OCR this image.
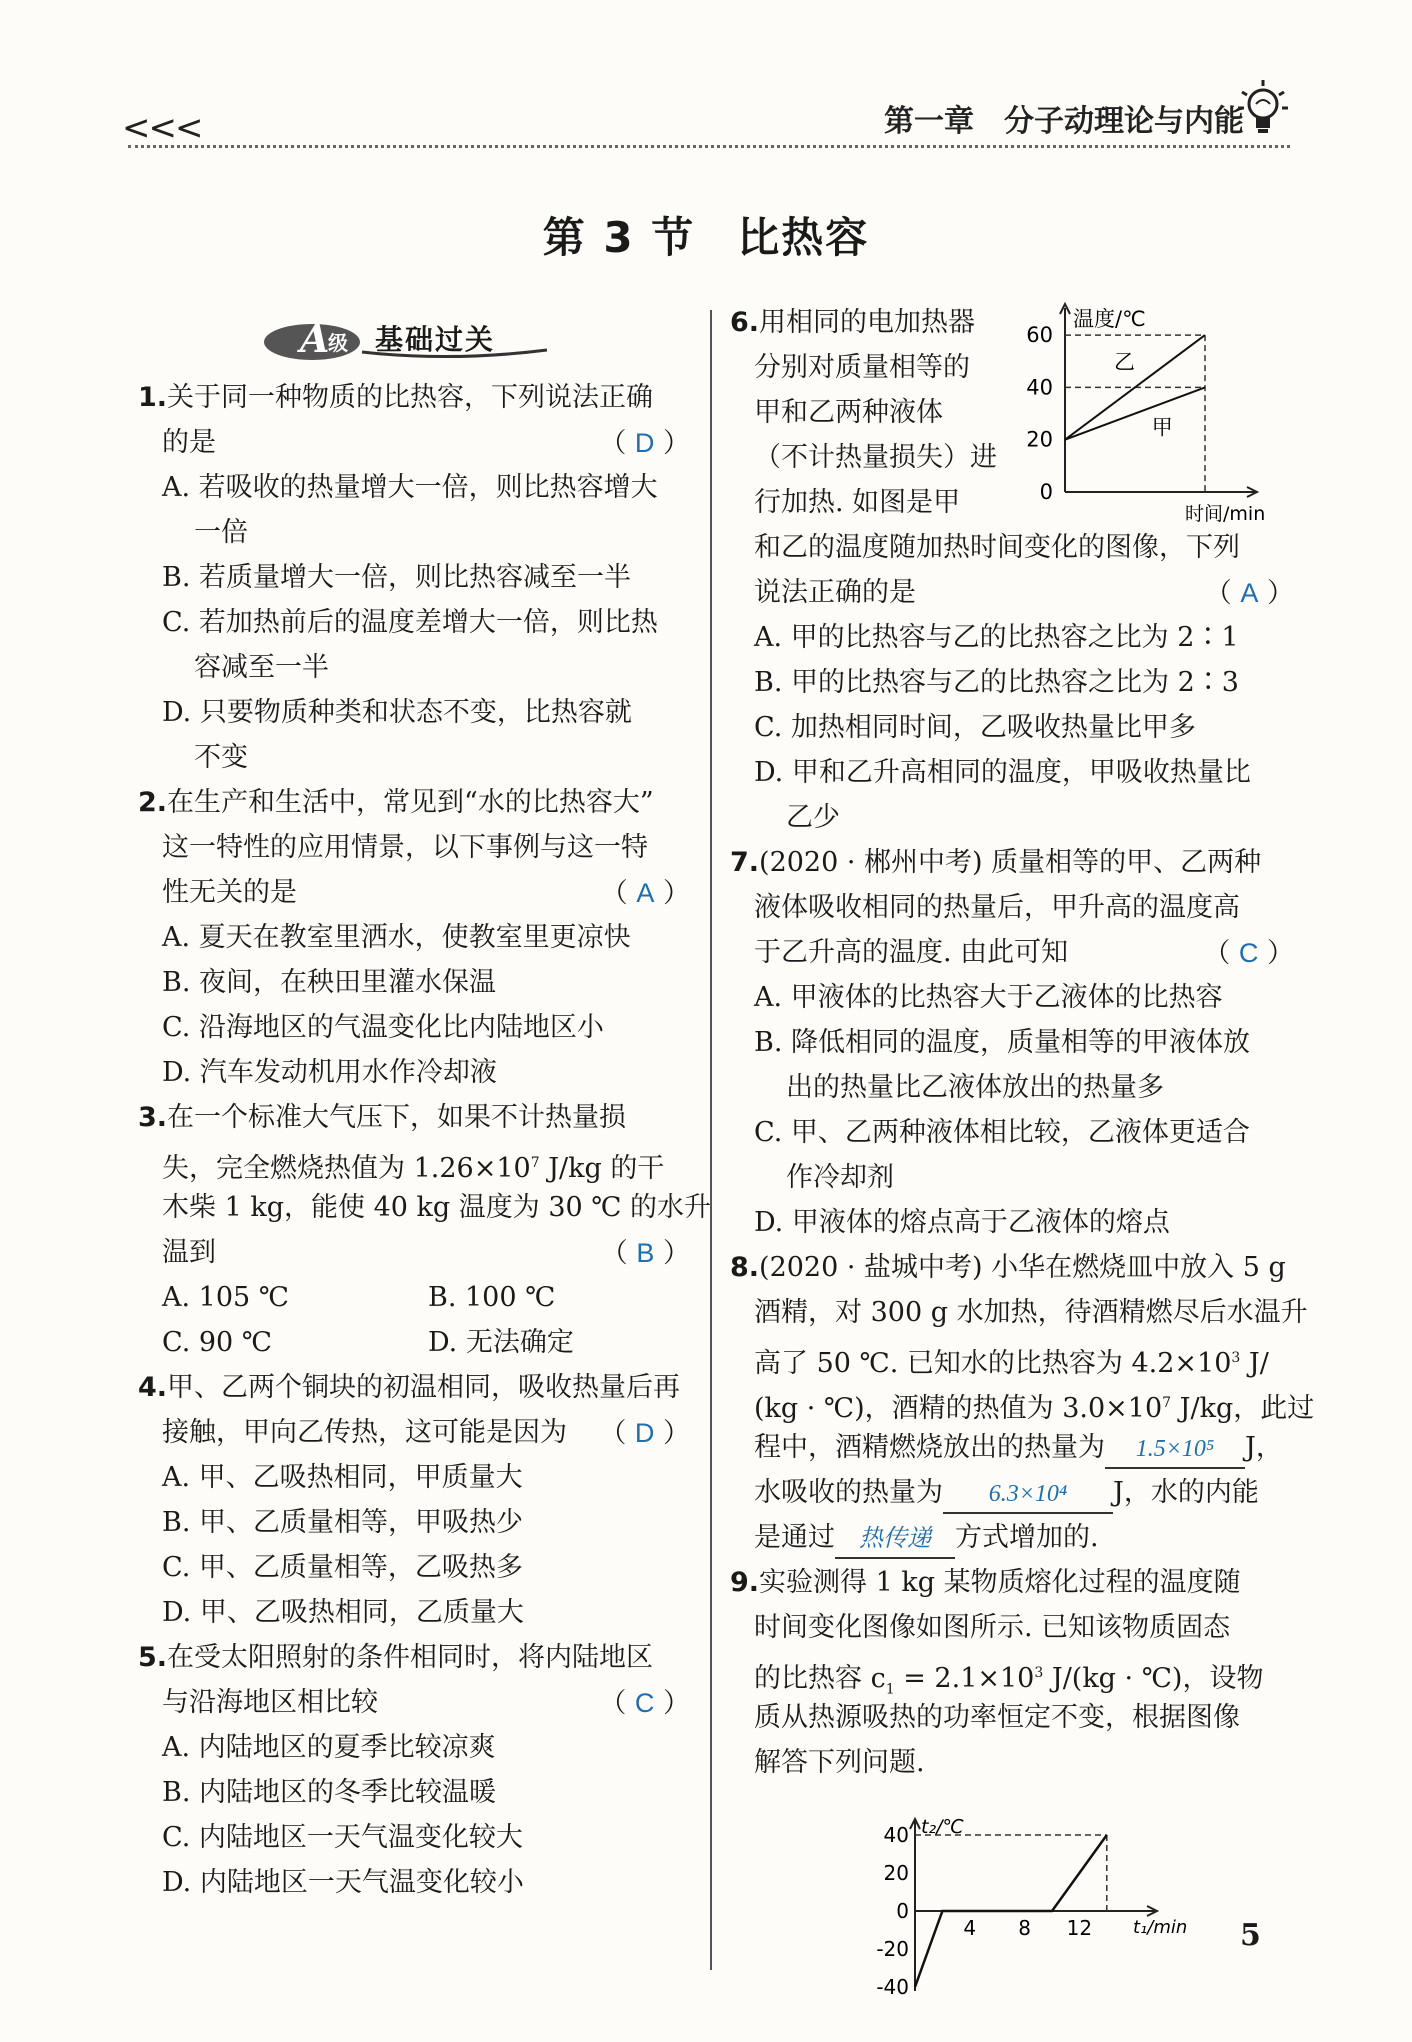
<<<	第一章　分子动理论与内能
第 3 节 比热容
A
级 基础过关
1.关于同一种物质的比热容，下列说法正确
的是	（ D ）
A. 若吸收的热量增大一倍，则比热容增大
一倍
B. 若质量增大一倍，则比热容减至一半
C. 若加热前后的温度差增大一倍，则比热
容减至一半
D. 只要物质种类和状态不变，比热容就
不变
2.在生产和生活中，常见到“水的比热容大”
这一特性的应用情景，以下事例与这一特
性无关的是	（ A ）
A. 夏天在教室里洒水，使教室里更凉快
B. 夜间，在秧田里灌水保温
C. 沿海地区的气温变化比内陆地区小
D. 汽车发动机用水作冷却液
3.在一个标准大气压下，如果不计热量损
失，完全燃烧热值为 $1.26\times 10^7$ J/kg 的干
木柴 1 kg，能使 40 kg 温度为 30 ℃ 的水升
温到	（ B ）
A. 105 ℃	B. 100 ℃
C. 90 ℃	D. 无法确定
4.甲、乙两个铜块的初温相同，吸收热量后再
接触，甲向乙传热，这可能是因为 （ D ）
A. 甲、乙吸热相同，甲质量大
B. 甲、乙质量相等，甲吸热少
C. 甲、乙质量相等，乙吸热多
D. 甲、乙吸热相同，乙质量大
5.在受太阳照射的条件相同时，将内陆地区
与沿海地区相比较	（ C ）
A. 内陆地区的夏季比较凉爽
B. 内陆地区的冬季比较温暖
C. 内陆地区一天气温变化较大
D. 内陆地区一天气温变化较小
6.用相同的电加热器
分别对质量相等的
甲和乙两种液体
（不计热量损失）进
行加热. 如图是甲
和乙的温度随加热时间变化的图像，下列
说法正确的是	（ A ）
A. 甲的比热容与乙的比热容之比为 2∶1
B. 甲的比热容与乙的比热容之比为 2∶3
C. 加热相同时间，乙吸收热量比甲多
D. 甲和乙升高相同的温度，甲吸收热量比
乙少
7.(2020 · 郴州中考) 质量相等的甲、乙两种
液体吸收相同的热量后，甲升高的温度高
于乙升高的温度. 由此可知	（ C ）
A. 甲液体的比热容大于乙液体的比热容
B. 降低相同的温度，质量相等的甲液体放
出的热量比乙液体放出的热量多
C. 甲、乙两种液体相比较，乙液体更适合
作冷却剂
D. 甲液体的熔点高于乙液体的熔点
8.(2020 · 盐城中考) 小华在燃烧皿中放入 5 g
酒精，对 300 g 水加热，待酒精燃尽后水温升
高了 50 ℃. 已知水的比热容为 $4.2\times 10^3$ J/
(kg · ℃)，酒精的热值为 $3.0\times 10^7$ J/kg，此过
程中，酒精燃烧放出的热量为 1.5×10⁵ J，
水吸收的热量为 6.3×10⁴ J，水的内能
是通过 热传递 方式增加的.
9.实验测得 1 kg 某物质熔化过程的温度随
时间变化图像如图所示. 已知该物质固态
的比热容 $c_1 = 2.1\times 10^3$ J/(kg · ℃)，设物
质从热源吸热的功率恒定不变，根据图像
解答下列问题.
温度/℃
时间/min
0
20
40
60
乙
甲
t₂/℃
t₁/min
40
20
0
-20
-40
4 8 12	5
